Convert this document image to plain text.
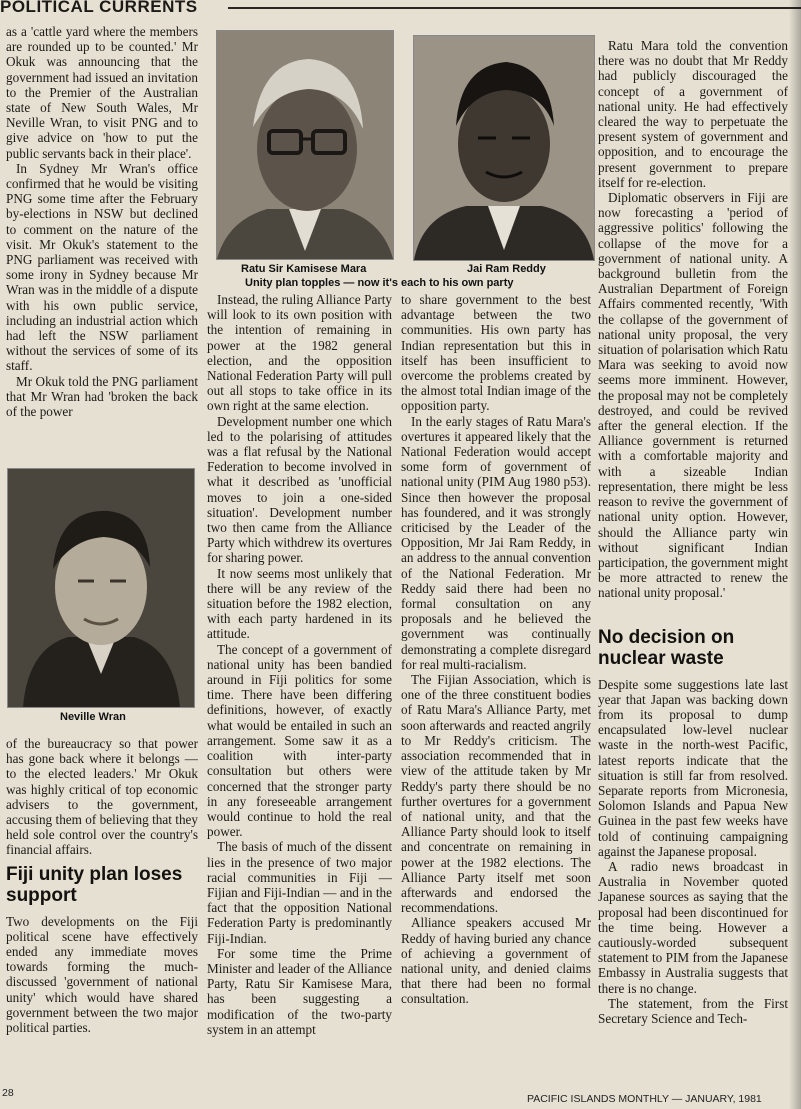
POLITICAL CURRENTS

as a 'cattle yard where the members are rounded up to be counted.' Mr Okuk was announcing that the government had issued an invitation to the Premier of the Australian state of New South Wales, Mr Neville Wran, to visit PNG and to give advice on 'how to put the public servants back in their place'.

In Sydney Mr Wran's office confirmed that he would be visiting PNG some time after the February by-elections in NSW but declined to comment on the nature of the visit. Mr Okuk's statement to the PNG parliament was received with some irony in Sydney because Mr Wran was in the middle of a dispute with his own public service, including an industrial action which had left the NSW parliament without the services of some of its staff.

Mr Okuk told the PNG parliament that Mr Wran had 'broken the back of the power

Neville Wran

of the bureaucracy so that power has gone back where it belongs — to the elected leaders.' Mr Okuk was highly critical of top economic advisers to the government, accusing them of believing that they held sole control over the country's financial affairs.

Fiji unity plan loses support

Two developments on the Fiji political scene have effectively ended any immediate moves towards forming the much-discussed 'government of national unity' which would have shared government between the two major political parties.

Ratu Sir Kamisese Mara	Jai Ram Reddy
Unity plan topples — now it's each to his own party

Instead, the ruling Alliance Party will look to its own position with the intention of remaining in power at the 1982 general election, and the opposition National Federation Party will pull out all stops to take office in its own right at the same election.

Development number one which led to the polarising of attitudes was a flat refusal by the National Federation to become involved in what it described as 'unofficial moves to join a one-sided situation'. Development number two then came from the Alliance Party which withdrew its overtures for sharing power.

It now seems most unlikely that there will be any review of the situation before the 1982 election, with each party hardened in its attitude.

The concept of a government of national unity has been bandied around in Fiji politics for some time. There have been differing definitions, however, of exactly what would be entailed in such an arrangement. Some saw it as a coalition with inter-party consultation but others were concerned that the stronger party in any foreseeable arrangement would continue to hold the real power.

The basis of much of the dissent lies in the presence of two major racial communities in Fiji — Fijian and Fiji-Indian — and in the fact that the opposition National Federation Party is predominantly Fiji-Indian.

For some time the Prime Minister and leader of the Alliance Party, Ratu Sir Kamisese Mara, has been suggesting a modification of the two-party system in an attempt

to share government to the best advantage between the two communities. His own party has Indian representation but this in itself has been insufficient to overcome the problems created by the almost total Indian image of the opposition party.

In the early stages of Ratu Mara's overtures it appeared likely that the National Federation would accept some form of government of national unity (PIM Aug 1980 p53). Since then however the proposal has foundered, and it was strongly criticised by the Leader of the Opposition, Mr Jai Ram Reddy, in an address to the annual convention of the National Federation. Mr Reddy said there had been no formal consultation on any proposals and he believed the government was continually demonstrating a complete disregard for real multi-racialism.

The Fijian Association, which is one of the three constituent bodies of Ratu Mara's Alliance Party, met soon afterwards and reacted angrily to Mr Reddy's criticism. The association recommended that in view of the attitude taken by Mr Reddy's party there should be no further overtures for a government of national unity, and that the Alliance Party should look to itself and concentrate on remaining in power at the 1982 elections. The Alliance Party itself met soon afterwards and endorsed the recommendations.

Alliance speakers accused Mr Reddy of having buried any chance of achieving a government of national unity, and denied claims that there had been no formal consultation.

Ratu Mara told the convention there was no doubt that Mr Reddy had publicly discouraged the concept of a government of national unity. He had effectively cleared the way to perpetuate the present system of government and opposition, and to encourage the present government to prepare itself for re-election.

Diplomatic observers in Fiji are now forecasting a 'period of aggressive politics' following the collapse of the move for a government of national unity. A background bulletin from the Australian Department of Foreign Affairs commented recently, 'With the collapse of the government of national unity proposal, the very situation of polarisation which Ratu Mara was seeking to avoid now seems more imminent. However, the proposal may not be completely destroyed, and could be revived after the general election. If the Alliance government is returned with a comfortable majority and with a sizeable Indian representation, there might be less reason to revive the government of national unity option. However, should the Alliance party win without significant Indian participation, the government might be more attracted to renew the national unity proposal.'

No decision on nuclear waste

Despite some suggestions late last year that Japan was backing down from its proposal to dump encapsulated low-level nuclear waste in the north-west Pacific, latest reports indicate that the situation is still far from resolved. Separate reports from Micronesia, Solomon Islands and Papua New Guinea in the past few weeks have told of continuing campaigning against the Japanese proposal.

A radio news broadcast in Australia in November quoted Japanese sources as saying that the proposal had been discontinued for the time being. However a cautiously-worded subsequent statement to PIM from the Japanese Embassy in Australia suggests that there is no change.

The statement, from the First Secretary Science and Tech-

28	PACIFIC ISLANDS MONTHLY — JANUARY, 1981
